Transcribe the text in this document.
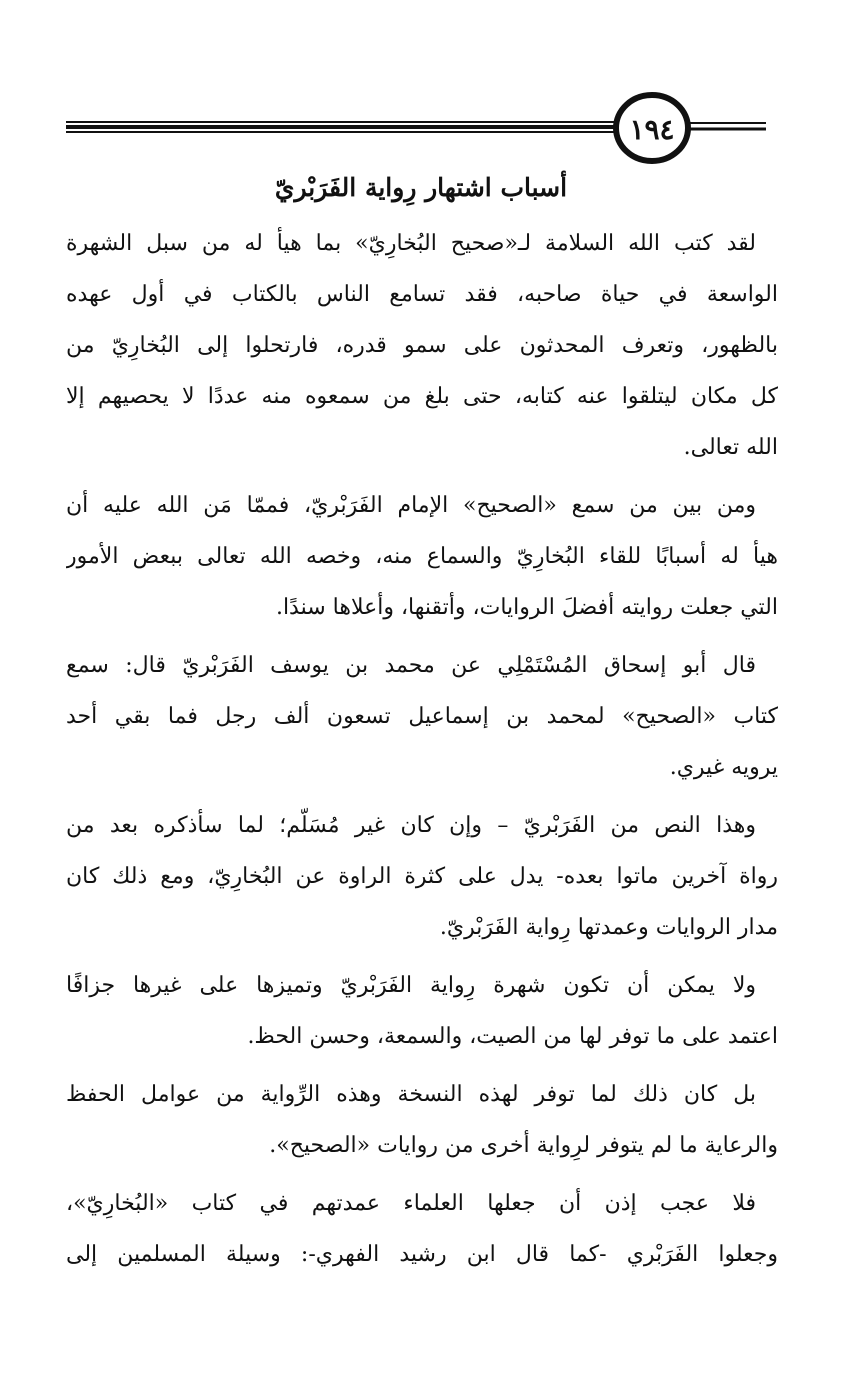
١٩٤
أسباب اشتهار رِواية الفَرَبْريّ
لقد كتب الله السلامة لـ«صحيح البُخارِيّ» بما هيأ له من سبل الشهرة
الواسعة في حياة صاحبه، فقد تسامع الناس بالكتاب في أول عهده
بالظهور، وتعرف المحدثون على سمو قدره، فارتحلوا إلى البُخارِيّ من
كل مكان ليتلقوا عنه كتابه، حتى بلغ من سمعوه منه عددًا لا يحصيهم إلا
الله تعالى.
ومن بين من سمع «الصحيح» الإمام الفَرَبْريّ، فممّا مَن الله عليه أن
هيأ له أسبابًا للقاء البُخارِيّ والسماع منه، وخصه الله تعالى ببعض الأمور
التي جعلت روايته أفضلَ الروايات، وأتقنها، وأعلاها سندًا.
قال أبو إسحاق المُسْتَمْلِي عن محمد بن يوسف الفَرَبْريّ قال: سمع
كتاب «الصحيح» لمحمد بن إسماعيل تسعون ألف رجل فما بقي أحد
يرويه غيري.
وهذا النص من الفَرَبْريّ – وإن كان غير مُسَلّم؛ لما سأذكره بعد من
رواة آخرين ماتوا بعده- يدل على كثرة الراوة عن البُخارِيّ، ومع ذلك كان
مدار الروايات وعمدتها رِواية الفَرَبْريّ.
ولا يمكن أن تكون شهرة رِواية الفَرَبْريّ وتميزها على غيرها جزافًا
اعتمد على ما توفر لها من الصيت، والسمعة، وحسن الحظ.
بل كان ذلك لما توفر لهذه النسخة وهذه الرِّواية من عوامل الحفظ
والرعاية ما لم يتوفر لرِواية أخرى من روايات «الصحيح».
فلا عجب إذن أن جعلها العلماء عمدتهم في كتاب «البُخارِيّ»،
وجعلوا الفَرَبْري -كما قال ابن رشيد الفهري-: وسيلة المسلمين إلى
